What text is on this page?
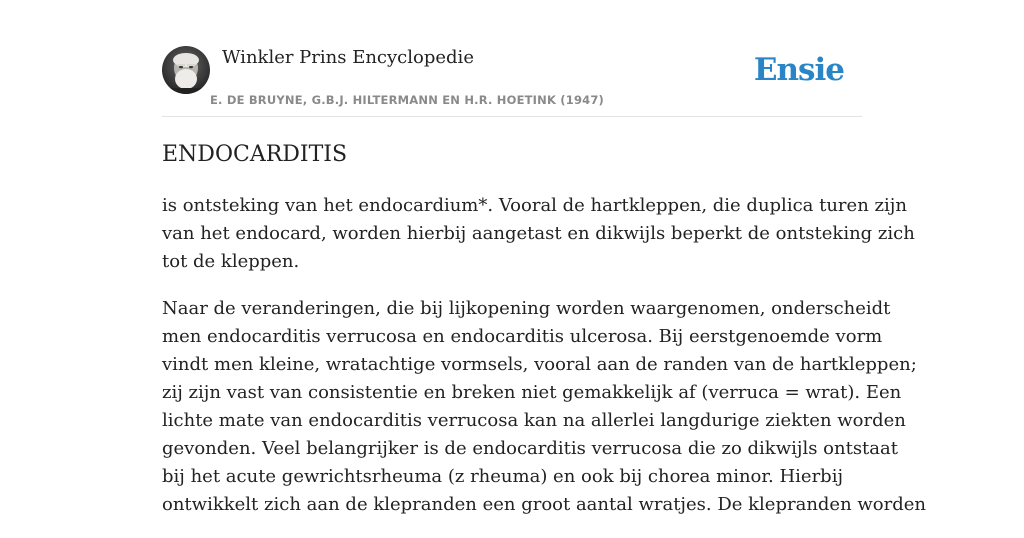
Winkler Prins Encyclopedie
E. DE BRUYNE, G.B.J. HILTERMANN EN H.R. HOETINK (1947)
Ensie
ENDOCARDITIS

is ontsteking van het endocardium*. Vooral de hartkleppen, die duplica turen zijn
van het endocard, worden hierbij aangetast en dikwijls beperkt de ontsteking zich
tot de kleppen.

Naar de veranderingen, die bij lijkopening worden waargenomen, onderscheidt
men endocarditis verrucosa en endocarditis ulcerosa. Bij eerstgenoemde vorm
vindt men kleine, wratachtige vormsels, vooral aan de randen van de hartkleppen;
zij zijn vast van consistentie en breken niet gemakkelijk af (verruca = wrat). Een
lichte mate van endocarditis verrucosa kan na allerlei langdurige ziekten worden
gevonden. Veel belangrijker is de endocarditis verrucosa die zo dikwijls ontstaat
bij het acute gewrichtsrheuma (z rheuma) en ook bij chorea minor. Hierbij
ontwikkelt zich aan de klepranden een groot aantal wratjes. De klepranden worden
